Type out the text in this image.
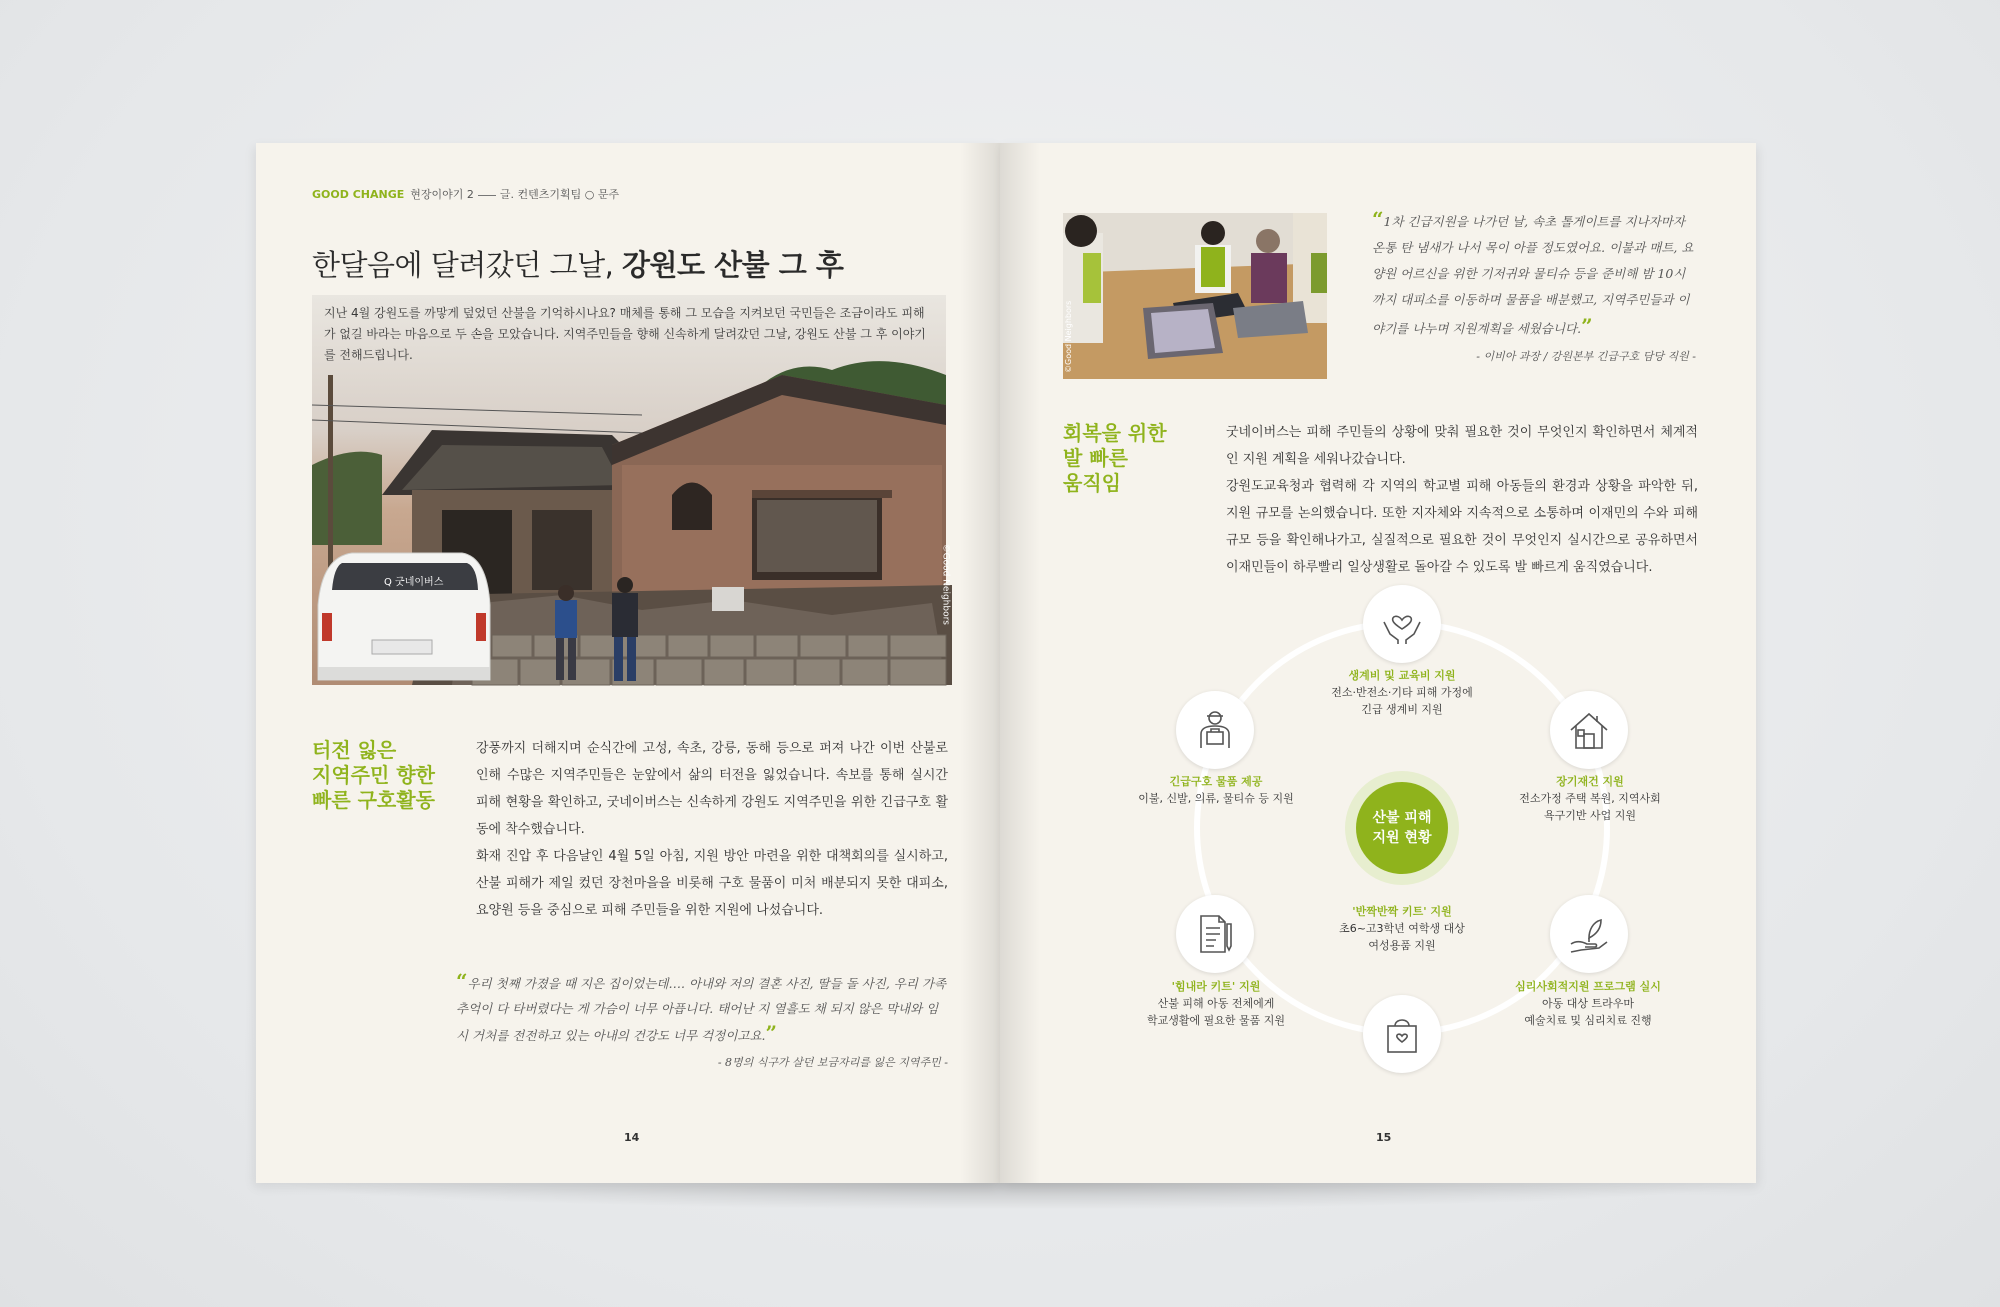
GOOD CHANGE 현장이야기 2 글. 컨텐츠기획팀 ○ 문주
한달음에 달려갔던 그날, 강원도 산불 그 후
Q 굿네이버스
지난 4월 강원도를 까맣게 덮었던 산불을 기억하시나요? 매체를 통해 그 모습을 지켜보던 국민들은 조금이라도 피해가 없길 바라는 마음으로 두 손을 모았습니다. 지역주민들을 향해 신속하게 달려갔던 그날, 강원도 산불 그 후 이야기를 전해드립니다.
©Good Neighbors
터전 잃은
지역주민 향한
빠른 구호활동

강풍까지 더해지며 순식간에 고성, 속초, 강릉, 동해 등으로 퍼져 나간 이번 산불로 인해 수많은 지역주민들은 눈앞에서 삶의 터전을 잃었습니다. 속보를 통해 실시간 피해 현황을 확인하고, 굿네이버스는 신속하게 강원도 지역주민을 위한 긴급구호 활동에 착수했습니다.

화재 진압 후 다음날인 4월 5일 아침, 지원 방안 마련을 위한 대책회의를 실시하고, 산불 피해가 제일 컸던 장천마을을 비롯해 구호 물품이 미처 배분되지 못한 대피소, 요양원 등을 중심으로 피해 주민들을 위한 지원에 나섰습니다.

“우리 첫째 가졌을 때 지은 집이었는데…. 아내와 저의 결혼 사진, 딸들 돌 사진, 우리 가족 추억이 다 타버렸다는 게 가슴이 너무 아픕니다. 태어난 지 열흘도 채 되지 않은 막내와 임시 거처를 전전하고 있는 아내의 건강도 너무 걱정이고요.”
- 8명의 식구가 살던 보금자리를 잃은 지역주민 -
14
©Good Neighbors
“1차 긴급지원을 나가던 날, 속초 톨게이트를 지나자마자 온통 탄 냄새가 나서 목이 아플 정도였어요. 이불과 매트, 요양원 어르신을 위한 기저귀와 물티슈 등을 준비해 밤 10시까지 대피소를 이동하며 물품을 배분했고, 지역주민들과 이야기를 나누며 지원계획을 세웠습니다.”
- 이비아 과장 / 강원본부 긴급구호 담당 직원 -
회복을 위한
발 빠른
움직임

굿네이버스는 피해 주민들의 상황에 맞춰 필요한 것이 무엇인지 확인하면서 체계적인 지원 계획을 세워나갔습니다.

강원도교육청과 협력해 각 지역의 학교별 피해 아동들의 환경과 상황을 파악한 뒤, 지원 규모를 논의했습니다. 또한 지자체와 지속적으로 소통하며 이재민의 수와 피해 규모 등을 확인해나가고, 실질적으로 필요한 것이 무엇인지 실시간으로 공유하면서 이재민들이 하루빨리 일상생활로 돌아갈 수 있도록 발 빠르게 움직였습니다.

산불 피해
지원 현황
생계비 및 교육비 지원
전소·반전소·기타 피해 가정에
긴급 생계비 지원
장기재건 지원
전소가정 주택 복원, 지역사회
욕구기반 사업 지원
심리사회적지원 프로그램 실시
아동 대상 트라우마
예술치료 및 심리치료 진행
'반짝반짝 키트' 지원
초6~고3학년 여학생 대상
여성용품 지원
'힘내라 키트' 지원
산불 피해 아동 전체에게
학교생활에 필요한 물품 지원
긴급구호 물품 제공
이불, 신발, 의류, 물티슈 등 지원
15
